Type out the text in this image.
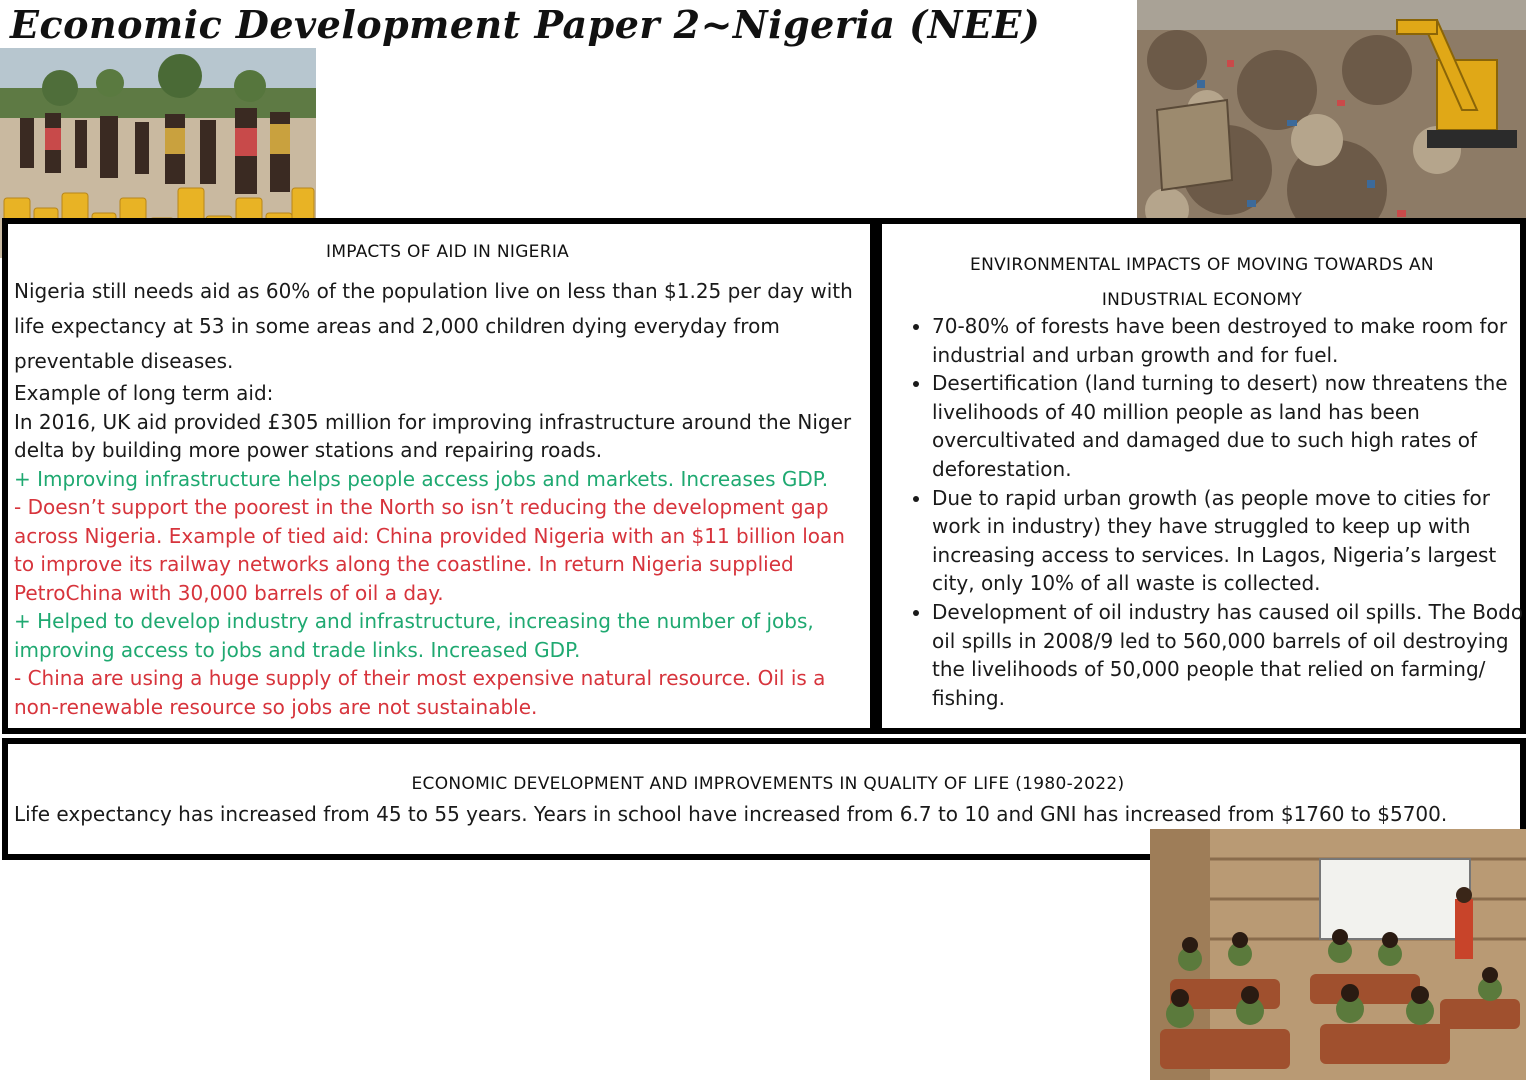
Economic Development Paper 2~Nigeria (NEE)
IMPACTS OF AID IN NIGERIA

Nigeria still needs aid as 60% of the population live on less than $1.25 per day with life expectancy at 53 in some areas and 2,000 children dying everyday from preventable diseases.

Example of long term aid:

In 2016, UK aid provided £305 million for improving infrastructure around the Niger delta by building more power stations and repairing roads.

+ Improving infrastructure helps people access jobs and markets. Increases GDP.

- Doesn’t support the poorest in the North so isn’t reducing the development gap across Nigeria. Example of tied aid: China provided Nigeria with an $11 billion loan to improve its railway networks along the coastline. In return Nigeria supplied PetroChina with 30,000 barrels of oil a day.

+ Helped to develop industry and infrastructure, increasing the number of jobs, improving access to jobs and trade links. Increased GDP.

- China are using a huge supply of their most expensive natural resource. Oil is a non-renewable resource so jobs are not sustainable.

ENVIRONMENTAL IMPACTS OF MOVING TOWARDS AN
INDUSTRIAL ECONOMY
• 70-80% of forests have been destroyed to make room for industrial and urban growth and for fuel.
• Desertification (land turning to desert) now threatens the livelihoods of 40 million people as land has been overcultivated and damaged due to such high rates of deforestation.
• Due to rapid urban growth (as people move to cities for work in industry) they have struggled to keep up with increasing access to services. In Lagos, Nigeria’s largest city, only 10% of all waste is collected.
• Development of oil industry has caused oil spills. The Bodo oil spills in 2008/9 led to 560,000 barrels of oil destroying the livelihoods of 50,000 people that relied on farming/ fishing.
ECONOMIC DEVELOPMENT AND IMPROVEMENTS IN QUALITY OF LIFE (1980-2022)
Life expectancy has increased from 45 to 55 years. Years in school have increased from 6.7 to 10 and GNI has increased from $1760 to $5700.
